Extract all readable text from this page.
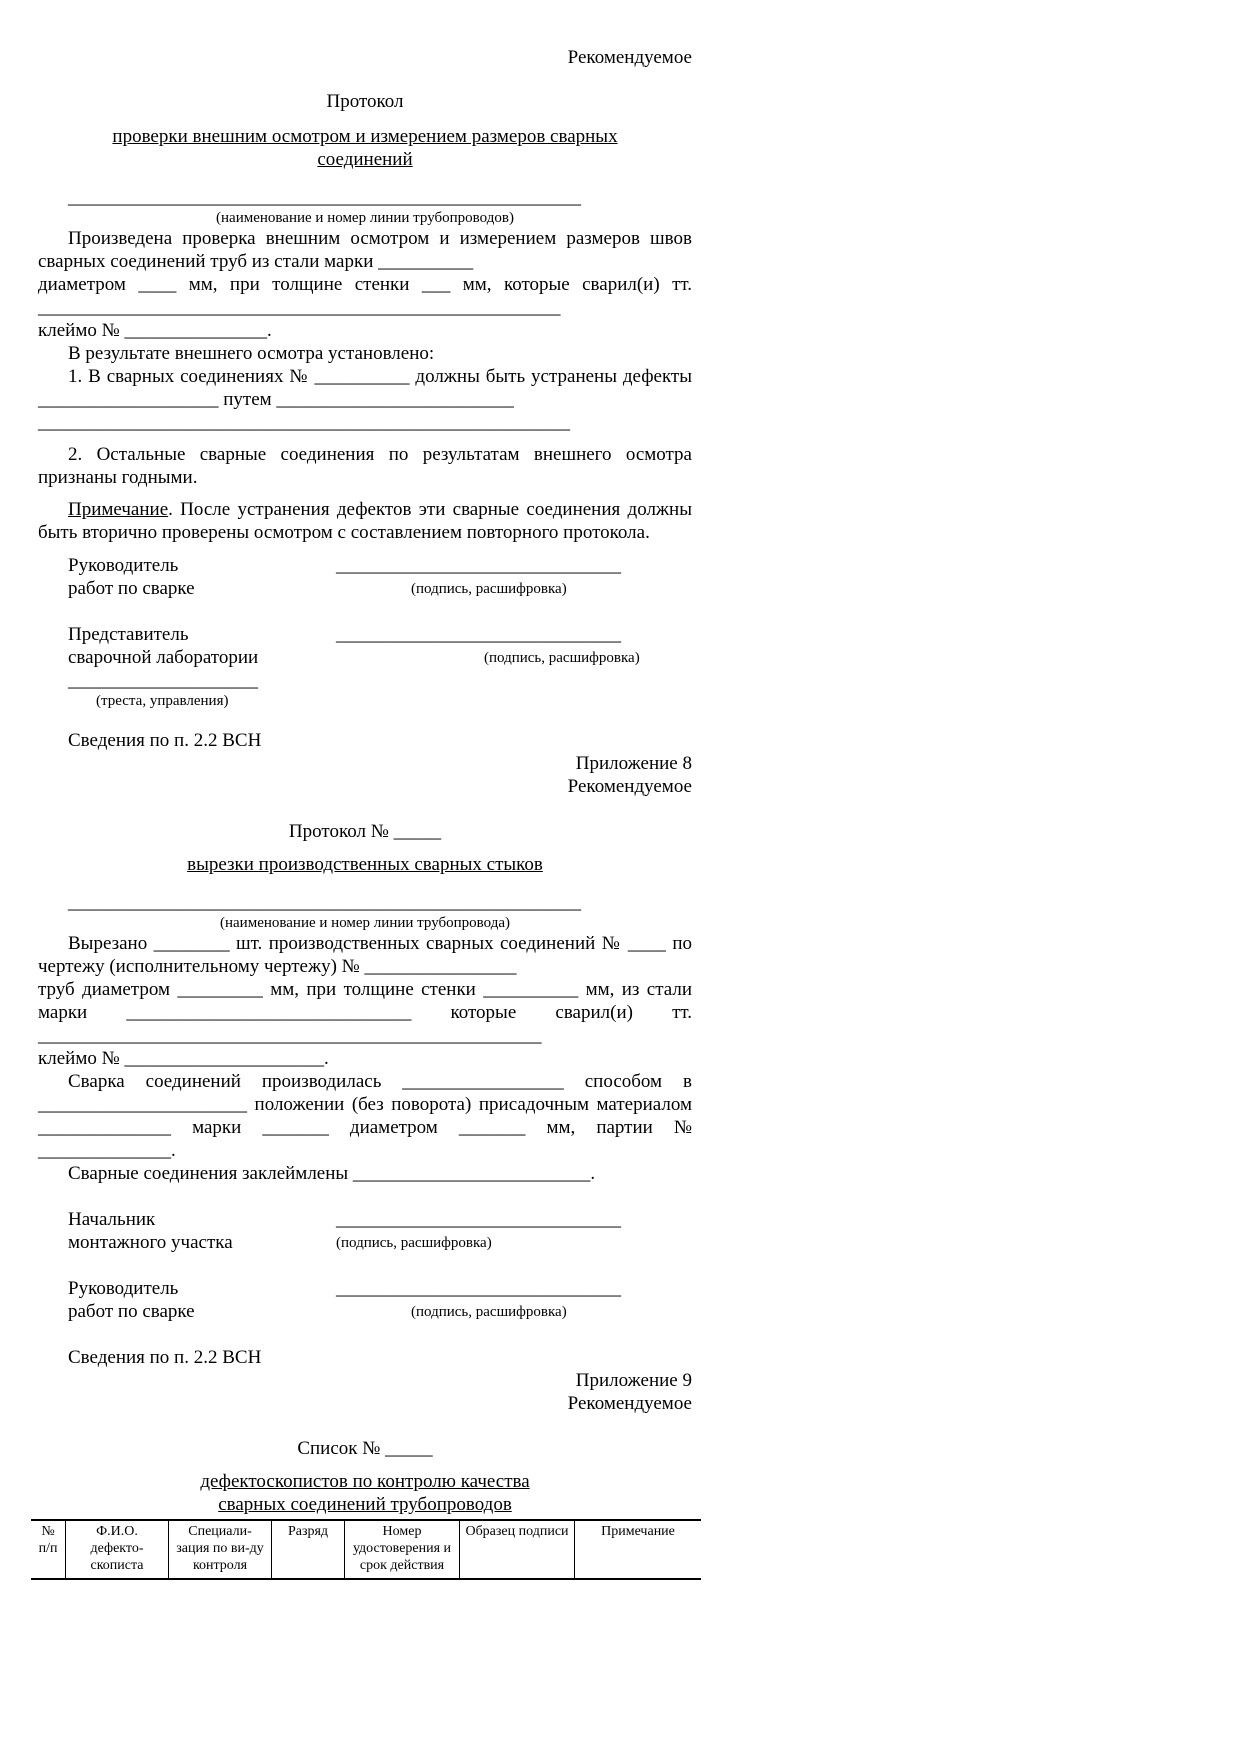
Рекомендуемое
Протокол
проверки внешним осмотром и измерением размеров сварных
соединений
______________________________________________________
(наименование и номер линии трубопроводов)
Произведена проверка внешним осмотром и измерением размеров швов сварных соединений труб из стали марки __________
диаметром ____ мм, при толщине стенки ___ мм, которые сварил(и) тт. _______________________________________________________
клеймо № _______________.
В результате внешнего осмотра установлено:
1. В сварных соединениях № __________ должны быть устранены дефекты ___________________ путем _________________________
________________________________________________________
2. Остальные сварные соединения по результатам внешнего осмотра признаны годными.
Примечание. После устранения дефектов эти сварные соединения должны быть вторично проверены осмотром с составлением повторного протокола.
Руководитель	______________________________
работ по сварке	(подпись, расшифровка)
Представитель	______________________________
сварочной лаборатории	(подпись, расшифровка)
____________________
(треста, управления)
Сведения по п. 2.2 ВСН
Приложение 8
Рекомендуемое
Протокол № _____
вырезки производственных сварных стыков
______________________________________________________
(наименование и номер линии трубопровода)
Вырезано ________ шт. производственных сварных соединений № ____ по чертежу (исполнительному чертежу) № ________________
труб диаметром _________ мм, при толщине стенки __________ мм, из стали марки ______________________________ которые сварил(и) тт. _____________________________________________________
клеймо № _____________________.
Сварка соединений производилась _________________ способом в ______________________ положении (без поворота) присадочным материалом ______________ марки _______ диаметром _______ мм, партии № ______________.
Сварные соединения заклеймлены _________________________.
Начальник	______________________________
монтажного участка	(подпись, расшифровка)
Руководитель	______________________________
работ по сварке	(подпись, расшифровка)
Сведения по п. 2.2 ВСН
Приложение 9
Рекомендуемое
Список № _____
дефектоскопистов по контролю качества
сварных соединений трубопроводов
№ п/п	Ф.И.О. дефекто-скописта	Специали-зация по ви-ду контроля	Разряд	Номер удостоверения и срок действия	Образец подписи	Примечание
